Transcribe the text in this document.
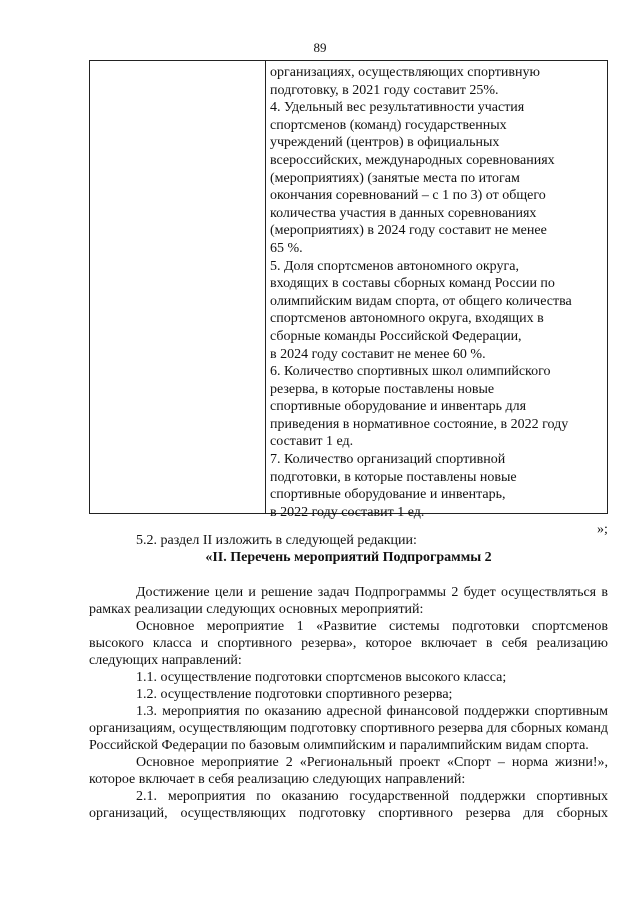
89
организациях, осуществляющих спортивную
подготовку, в 2021 году составит 25%.
4. Удельный вес результативности участия
спортсменов (команд) государственных
учреждений (центров) в официальных
всероссийских, международных соревнованиях
(мероприятиях) (занятые места по итогам
окончания соревнований – с 1 по 3) от общего
количества участия в данных соревнованиях
(мероприятиях) в 2024 году составит не менее
65 %.
5. Доля спортсменов автономного округа,
входящих в составы сборных команд России по
олимпийским видам спорта, от общего количества
спортсменов автономного округа, входящих в
сборные команды Российской Федерации,
в 2024 году составит не менее 60 %.
6. Количество спортивных школ олимпийского
резерва, в которые поставлены новые
спортивные оборудование и инвентарь для
приведения в нормативное состояние, в 2022 году
составит 1 ед.
7. Количество организаций спортивной
подготовки, в которые поставлены новые
спортивные оборудование и инвентарь,
в 2022 году составит 1 ед.
»;
5.2. раздел II изложить в следующей редакции:
«II. Перечень мероприятий Подпрограммы 2
Достижение цели и решение задач Подпрограммы 2 будет осуществляться в рамках реализации следующих основных мероприятий:
Основное мероприятие 1 «Развитие системы подготовки спортсменов высокого класса и спортивного резерва», которое включает в себя реализацию следующих направлений:
1.1. осуществление подготовки спортсменов высокого класса;
1.2. осуществление подготовки спортивного резерва;
1.3. мероприятия по оказанию адресной финансовой поддержки спортивным организациям, осуществляющим подготовку спортивного резерва для сборных команд Российской Федерации по базовым олимпийским и паралимпийским видам спорта.
Основное мероприятие 2 «Региональный проект «Спорт – норма жизни!», которое включает в себя реализацию следующих направлений:
2.1. мероприятия по оказанию государственной поддержки спортивных организаций, осуществляющих подготовку спортивного резерва для сборных
